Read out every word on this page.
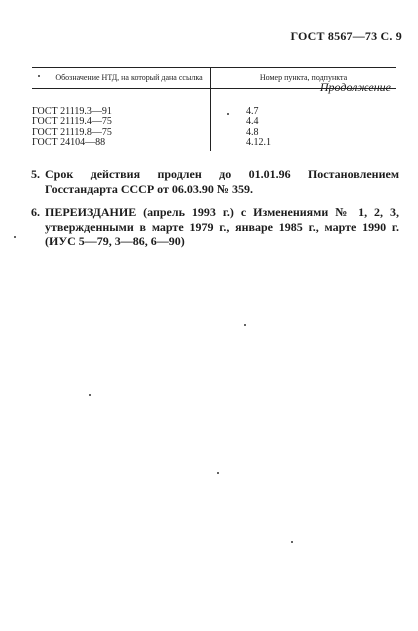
ГОСТ 8567—73 С. 9
Продолжение
Обозначение НТД, на который дана ссылка	Номер пункта, подпункта
ГОСТ 21119.3—91	4.7
ГОСТ 21119.4—75	4.4
ГОСТ 21119.8—75	4.8
ГОСТ 24104—88	4.12.1
5. Срок действия продлен до 01.01.96 Постановлением Госстандарта СССР от 06.03.90 № 359.
6. ПЕРЕИЗДАНИЕ (апрель 1993 г.) с Изменениями № 1, 2, 3, утвержденными в марте 1979 г., январе 1985 г., марте 1990 г. (ИУС 5—79, 3—86, 6—90)
